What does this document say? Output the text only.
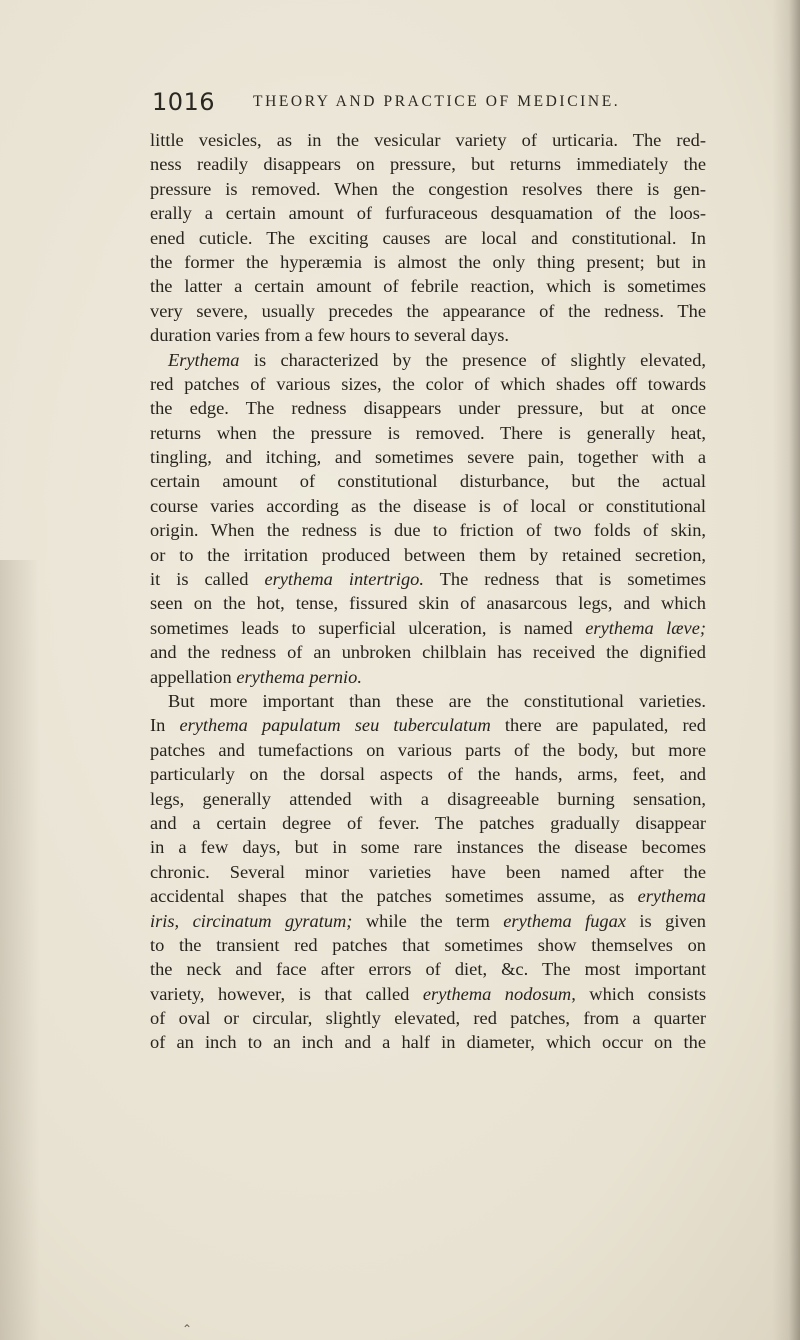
1016 THEORY AND PRACTICE OF MEDICINE.
little vesicles, as in the vesicular variety of urticaria. The red-
ness readily disappears on pressure, but returns immediately the
pressure is removed. When the congestion resolves there is gen-
erally a certain amount of furfuraceous desquamation of the loos-
ened cuticle. The exciting causes are local and constitutional. In
the former the hyperæmia is almost the only thing present; but in
the latter a certain amount of febrile reaction, which is sometimes
very severe, usually precedes the appearance of the redness. The
duration varies from a few hours to several days.
Erythema is characterized by the presence of slightly elevated,
red patches of various sizes, the color of which shades off towards
the edge. The redness disappears under pressure, but at once
returns when the pressure is removed. There is generally heat,
tingling, and itching, and sometimes severe pain, together with a
certain amount of constitutional disturbance, but the actual
course varies according as the disease is of local or constitutional
origin. When the redness is due to friction of two folds of skin,
or to the irritation produced between them by retained secretion,
it is called erythema intertrigo. The redness that is sometimes
seen on the hot, tense, fissured skin of anasarcous legs, and which
sometimes leads to superficial ulceration, is named erythema læve;
and the redness of an unbroken chilblain has received the dignified
appellation erythema pernio.
But more important than these are the constitutional varieties.
In erythema papulatum seu tuberculatum there are papulated, red
patches and tumefactions on various parts of the body, but more
particularly on the dorsal aspects of the hands, arms, feet, and
legs, generally attended with a disagreeable burning sensation,
and a certain degree of fever. The patches gradually disappear
in a few days, but in some rare instances the disease becomes
chronic. Several minor varieties have been named after the
accidental shapes that the patches sometimes assume, as erythema
iris, circinatum gyratum; while the term erythema fugax is given
to the transient red patches that sometimes show themselves on
the neck and face after errors of diet, &c. The most important
variety, however, is that called erythema nodosum, which consists
of oval or circular, slightly elevated, red patches, from a quarter
of an inch to an inch and a half in diameter, which occur on the
⌃
